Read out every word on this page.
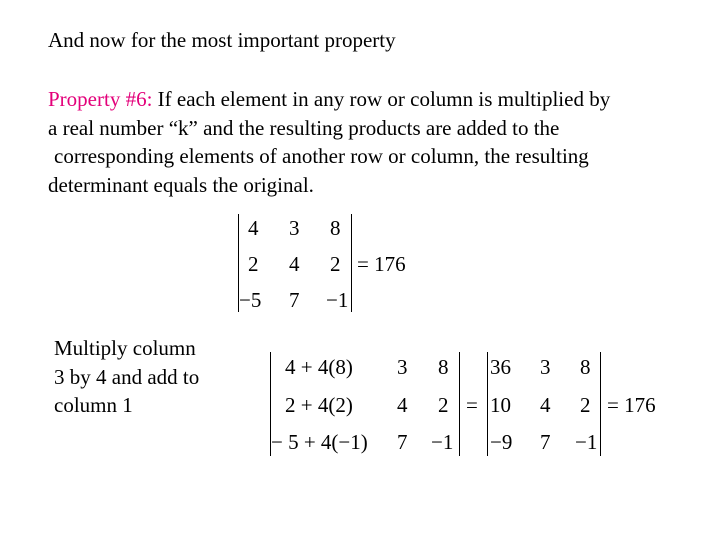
And now for the most important property
Property #6: If each element in any row or column is multiplied by
a real number “k” and the resulting products are added to the
corresponding elements of another row or column, the resulting
determinant equals the original.
4 3 8
2 4 2
−5 7 −1
= 176
Multiply column
3 by 4 and add to
column 1
4 + 4(8) 3 8
2 + 4(2) 4 2
− 5 + 4(−1) 7 −1
=
36 3 8
10 4 2
−9 7 −1
= 176
